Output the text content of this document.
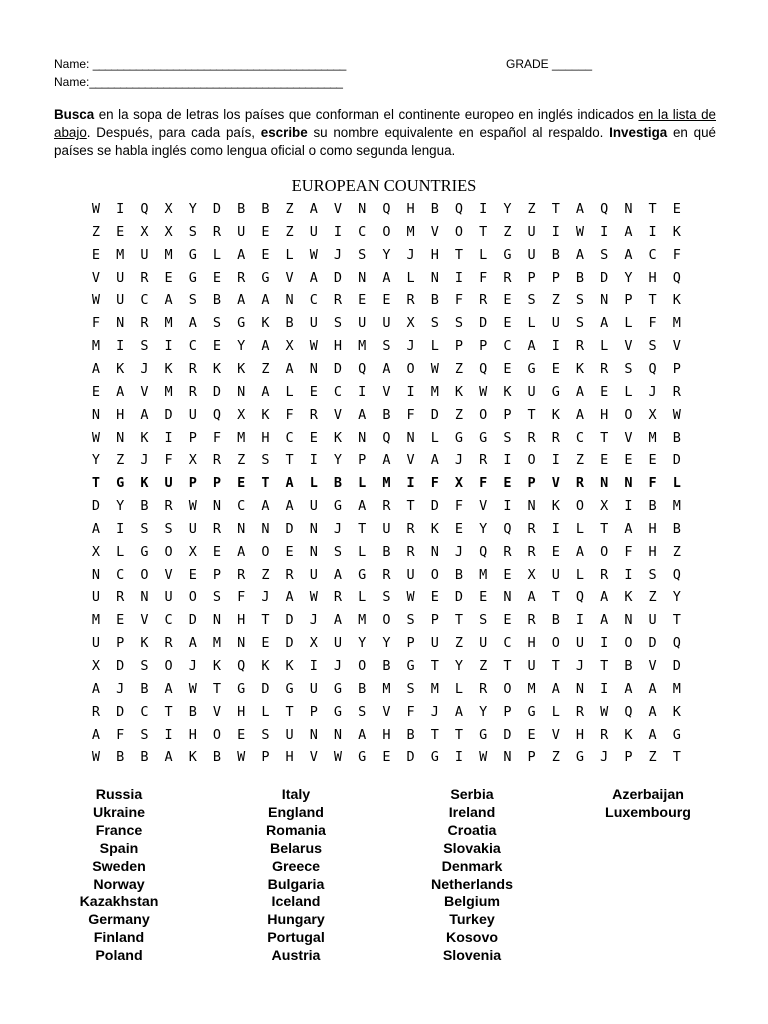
Name: _________________________________________
Name:_________________________________________
GRADE ______

Busca en la sopa de letras los países que conforman el continente europeo en inglés indicados en la lista de abajo. Después, para cada país, escribe su nombre equivalente en español al respaldo. Investiga en qué países se habla inglés como lengua oficial o como segunda lengua.

EUROPEAN COUNTRIES
W	I	Q	X	Y	D	B	B	Z	A	V	N	Q	H	B	Q	I	Y	Z	T	A	Q	N	T	E
Z	E	X	X	S	R	U	E	Z	U	I	C	O	M	V	O	T	Z	U	I	W	I	A	I	K
E	M	U	M	G	L	A	E	L	W	J	S	Y	J	H	T	L	G	U	B	A	S	A	C	F
V	U	R	E	G	E	R	G	V	A	D	N	A	L	N	I	F	R	P	P	B	D	Y	H	Q
W	U	C	A	S	B	A	A	N	C	R	E	E	R	B	F	R	E	S	Z	S	N	P	T	K
F	N	R	M	A	S	G	K	B	U	S	U	U	X	S	S	D	E	L	U	S	A	L	F	M
M	I	S	I	C	E	Y	A	X	W	H	M	S	J	L	P	P	C	A	I	R	L	V	S	V
A	K	J	K	R	K	K	Z	A	N	D	Q	A	O	W	Z	Q	E	G	E	K	R	S	Q	P
E	A	V	M	R	D	N	A	L	E	C	I	V	I	M	K	W	K	U	G	A	E	L	J	R
N	H	A	D	U	Q	X	K	F	R	V	A	B	F	D	Z	O	P	T	K	A	H	O	X	W
W	N	K	I	P	F	M	H	C	E	K	N	Q	N	L	G	G	S	R	R	C	T	V	M	B
Y	Z	J	F	X	R	Z	S	T	I	Y	P	A	V	A	J	R	I	O	I	Z	E	E	E	D
T	G	K	U	P	P	E	T	A	L	B	L	M	I	F	X	F	E	P	V	R	N	N	F	L
D	Y	B	R	W	N	C	A	A	U	G	A	R	T	D	F	V	I	N	K	O	X	I	B	M
A	I	S	S	U	R	N	N	D	N	J	T	U	R	K	E	Y	Q	R	I	L	T	A	H	B
X	L	G	O	X	E	A	O	E	N	S	L	B	R	N	J	Q	R	R	E	A	O	F	H	Z
N	C	O	V	E	P	R	Z	R	U	A	G	R	U	O	B	M	E	X	U	L	R	I	S	Q
U	R	N	U	O	S	F	J	A	W	R	L	S	W	E	D	E	N	A	T	Q	A	K	Z	Y
M	E	V	C	D	N	H	T	D	J	A	M	O	S	P	T	S	E	R	B	I	A	N	U	T
U	P	K	R	A	M	N	E	D	X	U	Y	Y	P	U	Z	U	C	H	O	U	I	O	D	Q
X	D	S	O	J	K	Q	K	K	I	J	O	B	G	T	Y	Z	T	U	T	J	T	B	V	D
A	J	B	A	W	T	G	D	G	U	G	B	M	S	M	L	R	O	M	A	N	I	A	A	M
R	D	C	T	B	V	H	L	T	P	G	S	V	F	J	A	Y	P	G	L	R	W	Q	A	K
A	F	S	I	H	O	E	S	U	N	N	A	H	B	T	T	G	D	E	V	H	R	K	A	G
W	B	B	A	K	B	W	P	H	V	W	G	E	D	G	I	W	N	P	Z	G	J	P	Z	T
Russia
Ukraine
France
Spain
Sweden
Norway
Kazakhstan
Germany
Finland
Poland
Italy
England
Romania
Belarus
Greece
Bulgaria
Iceland
Hungary
Portugal
Austria
Serbia
Ireland
Croatia
Slovakia
Denmark
Netherlands
Belgium
Turkey
Kosovo
Slovenia
Azerbaijan
Luxembourg
